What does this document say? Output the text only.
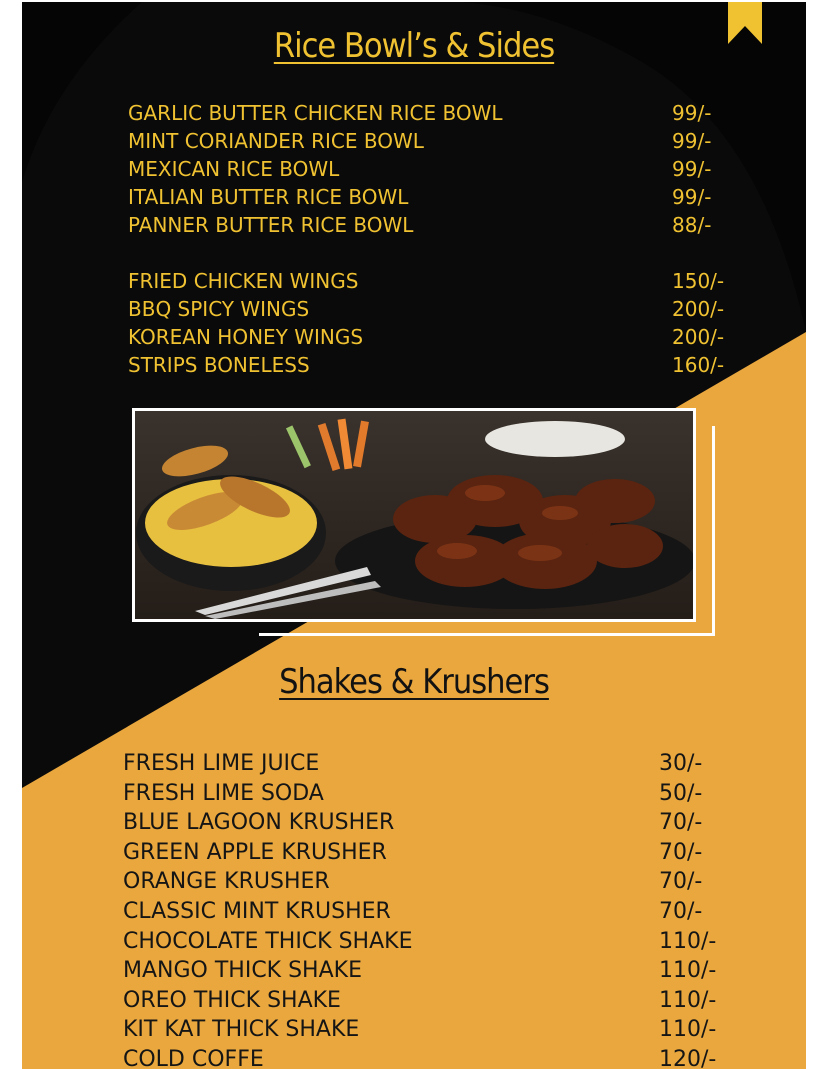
Rice Bowl’s & Sides
GARLIC BUTTER CHICKEN RICE BOWL	99/-
MINT CORIANDER RICE BOWL	99/-
MEXICAN RICE BOWL	99/-
ITALIAN BUTTER RICE BOWL	99/-
PANNER BUTTER RICE BOWL	88/-
FRIED CHICKEN WINGS	150/-
BBQ SPICY WINGS	200/-
KOREAN HONEY WINGS	200/-
STRIPS BONELESS	160/-
Shakes & Krushers
FRESH LIME JUICE	30/-
FRESH LIME SODA	50/-
BLUE LAGOON KRUSHER	70/-
GREEN APPLE KRUSHER	70/-
ORANGE KRUSHER	70/-
CLASSIC MINT KRUSHER	70/-
CHOCOLATE THICK SHAKE	110/-
MANGO THICK SHAKE	110/-
OREO THICK SHAKE	110/-
KIT KAT THICK SHAKE	110/-
COLD COFFE	120/-
